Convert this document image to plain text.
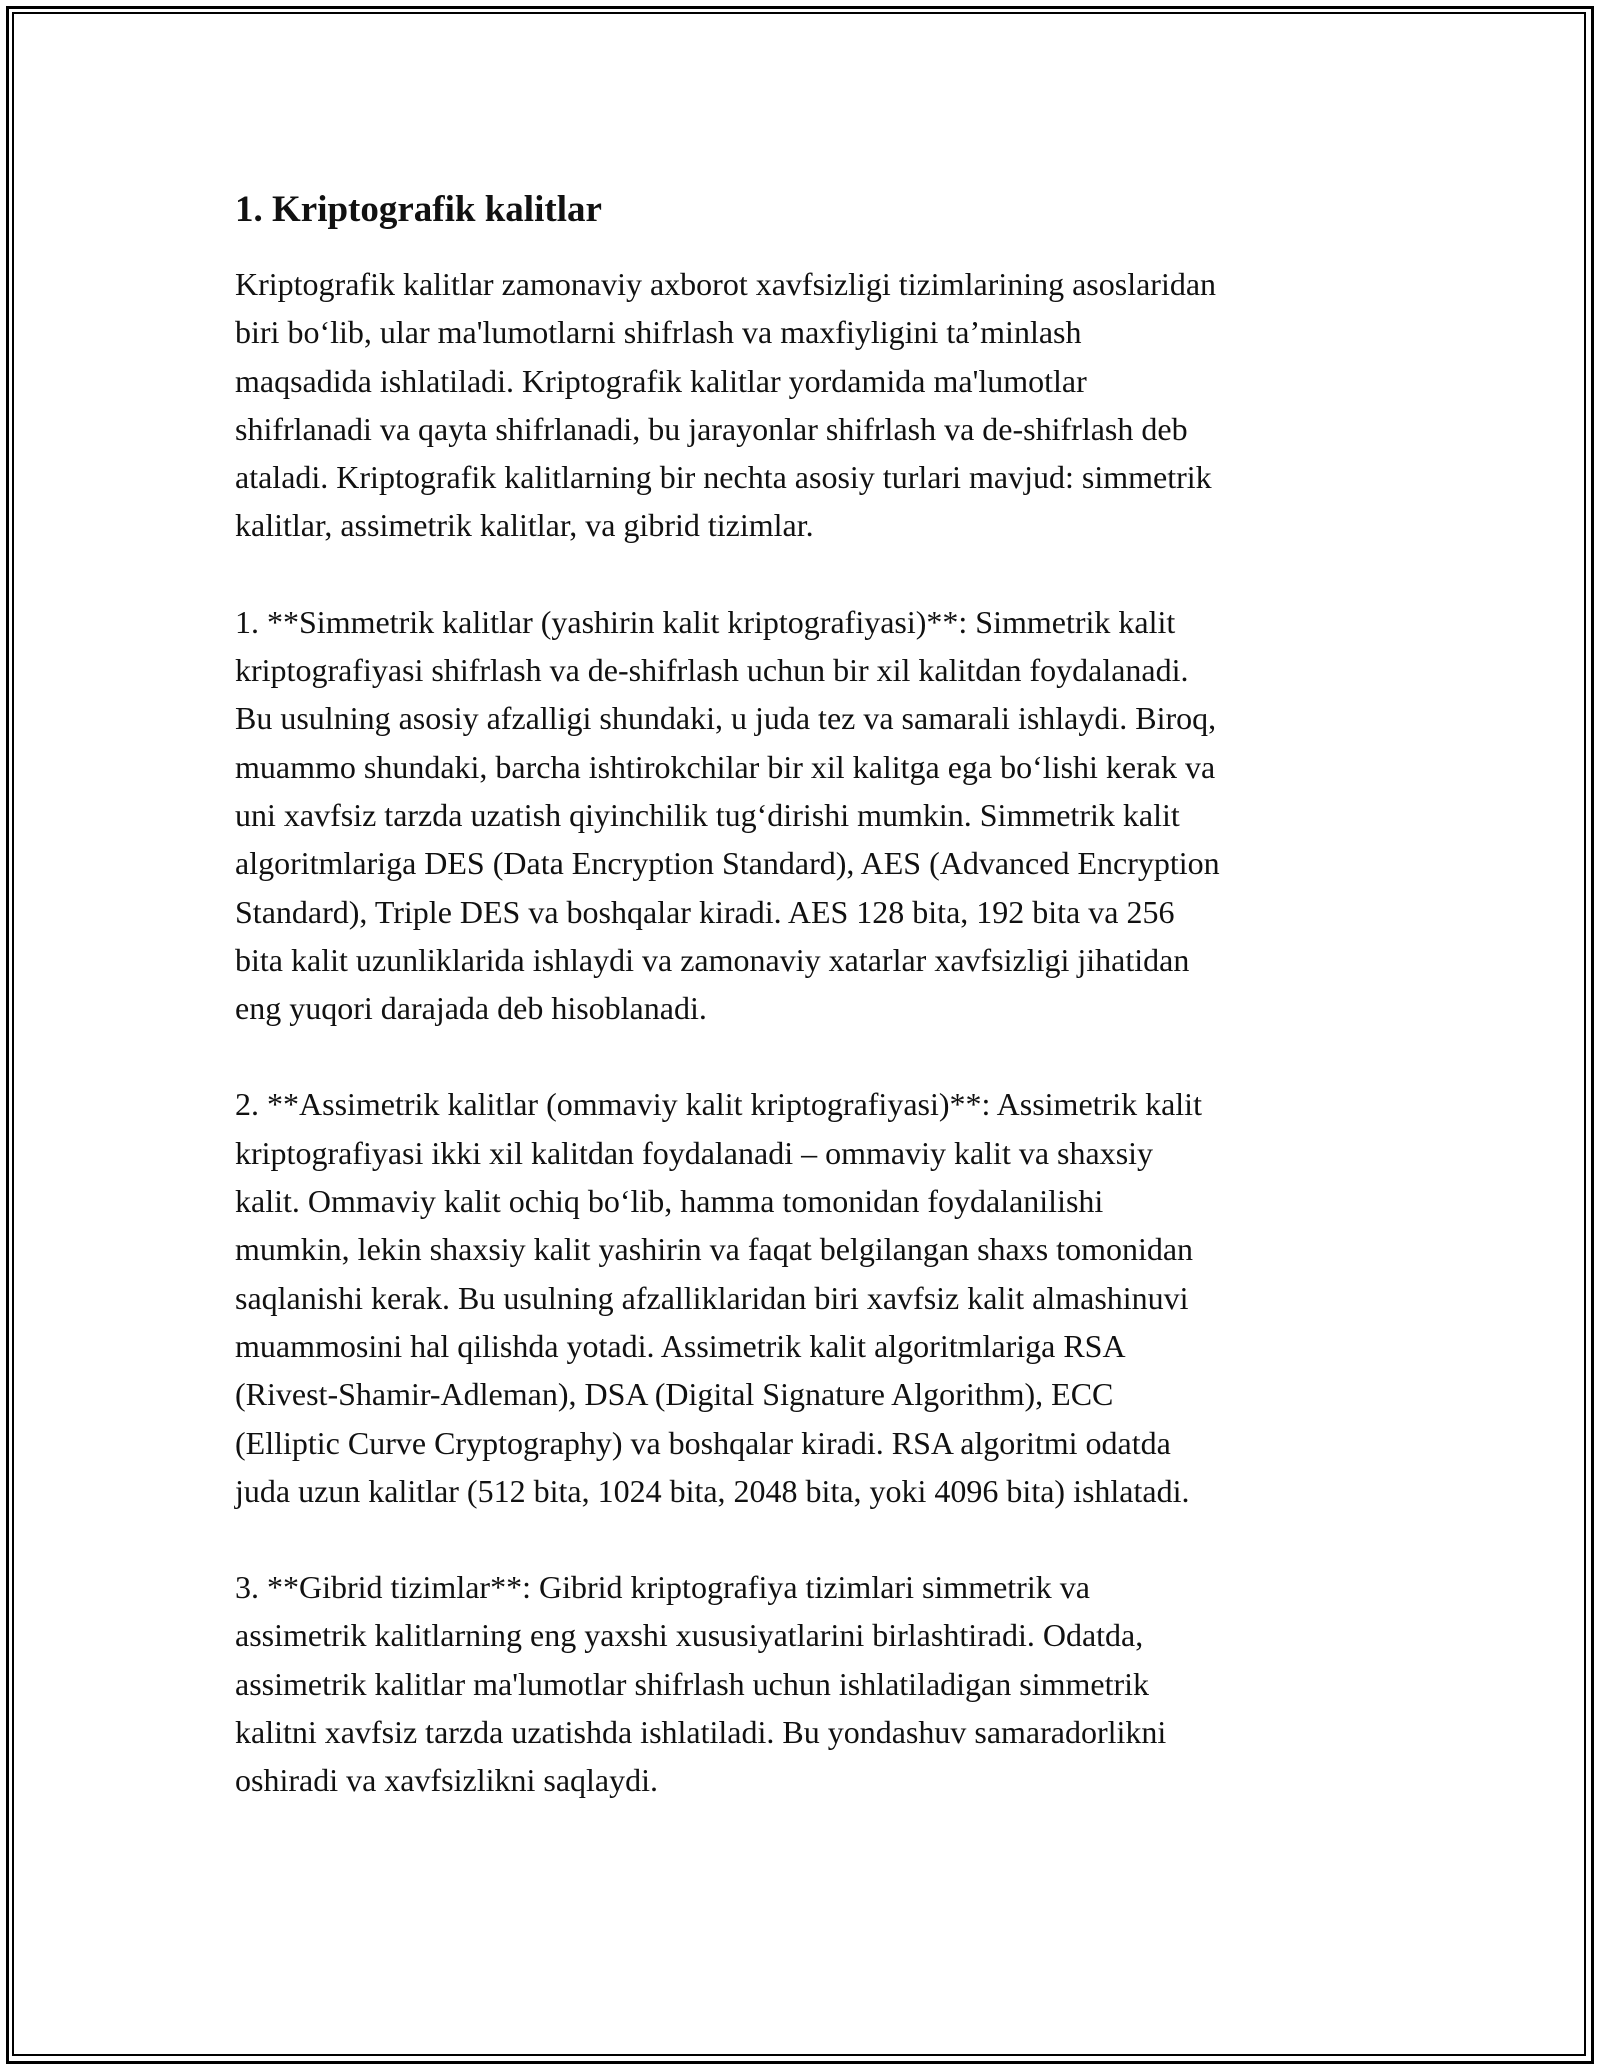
1. Kriptografik kalitlar

Kriptografik kalitlar zamonaviy axborot xavfsizligi tizimlarining asoslaridan
biri bo‘lib, ular ma'lumotlarni shifrlash va maxfiyligini ta’minlash
maqsadida ishlatiladi. Kriptografik kalitlar yordamida ma'lumotlar
shifrlanadi va qayta shifrlanadi, bu jarayonlar shifrlash va de-shifrlash deb
ataladi. Kriptografik kalitlarning bir nechta asosiy turlari mavjud: simmetrik
kalitlar, assimetrik kalitlar, va gibrid tizimlar.

1. **Simmetrik kalitlar (yashirin kalit kriptografiyasi)**: Simmetrik kalit
kriptografiyasi shifrlash va de-shifrlash uchun bir xil kalitdan foydalanadi.
Bu usulning asosiy afzalligi shundaki, u juda tez va samarali ishlaydi. Biroq,
muammo shundaki, barcha ishtirokchilar bir xil kalitga ega bo‘lishi kerak va
uni xavfsiz tarzda uzatish qiyinchilik tug‘dirishi mumkin. Simmetrik kalit
algoritmlariga DES (Data Encryption Standard), AES (Advanced Encryption
Standard), Triple DES va boshqalar kiradi. AES 128 bita, 192 bita va 256
bita kalit uzunliklarida ishlaydi va zamonaviy xatarlar xavfsizligi jihatidan
eng yuqori darajada deb hisoblanadi.

2. **Assimetrik kalitlar (ommaviy kalit kriptografiyasi)**: Assimetrik kalit
kriptografiyasi ikki xil kalitdan foydalanadi – ommaviy kalit va shaxsiy
kalit. Ommaviy kalit ochiq bo‘lib, hamma tomonidan foydalanilishi
mumkin, lekin shaxsiy kalit yashirin va faqat belgilangan shaxs tomonidan
saqlanishi kerak. Bu usulning afzalliklaridan biri xavfsiz kalit almashinuvi
muammosini hal qilishda yotadi. Assimetrik kalit algoritmlariga RSA
(Rivest-Shamir-Adleman), DSA (Digital Signature Algorithm), ECC
(Elliptic Curve Cryptography) va boshqalar kiradi. RSA algoritmi odatda
juda uzun kalitlar (512 bita, 1024 bita, 2048 bita, yoki 4096 bita) ishlatadi.

3. **Gibrid tizimlar**: Gibrid kriptografiya tizimlari simmetrik va
assimetrik kalitlarning eng yaxshi xususiyatlarini birlashtiradi. Odatda,
assimetrik kalitlar ma'lumotlar shifrlash uchun ishlatiladigan simmetrik
kalitni xavfsiz tarzda uzatishda ishlatiladi. Bu yondashuv samaradorlikni
oshiradi va xavfsizlikni saqlaydi.
